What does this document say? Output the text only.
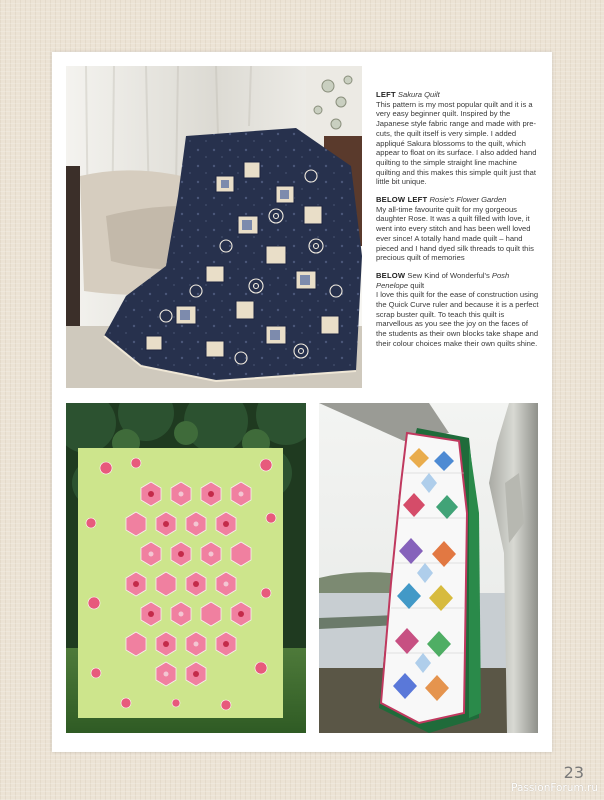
LEFT Sakura Quilt
This pattern is my most popular quilt and it is a very easy beginner quilt. Inspired by the Japanese style fabric range and made with pre-cuts, the quilt itself is very simple. I added appliqué Sakura blossoms to the quilt, which appear to float on its surface. I also added hand quilting to the simple straight line machine quilting and this makes this simple quilt just that little bit unique.

BELOW LEFT Rosie's Flower Garden
My all-time favourite quilt for my gorgeous daughter Rose. It was a quilt filled with love, it went into every stitch and has been well loved ever since! A totally hand made quilt – hand pieced and I hand dyed silk threads to quilt this precious quilt of memories

BELOW Sew Kind of Wonderful's Posh Penelope quilt
I love this quilt for the ease of construction using the Quick Curve ruler and because it is a perfect scrap buster quilt. To teach this quilt is marvellous as you see the joy on the faces of the students as their own blocks take shape and their colour choices make their own quilts shine.

23
PassionForum.ru
